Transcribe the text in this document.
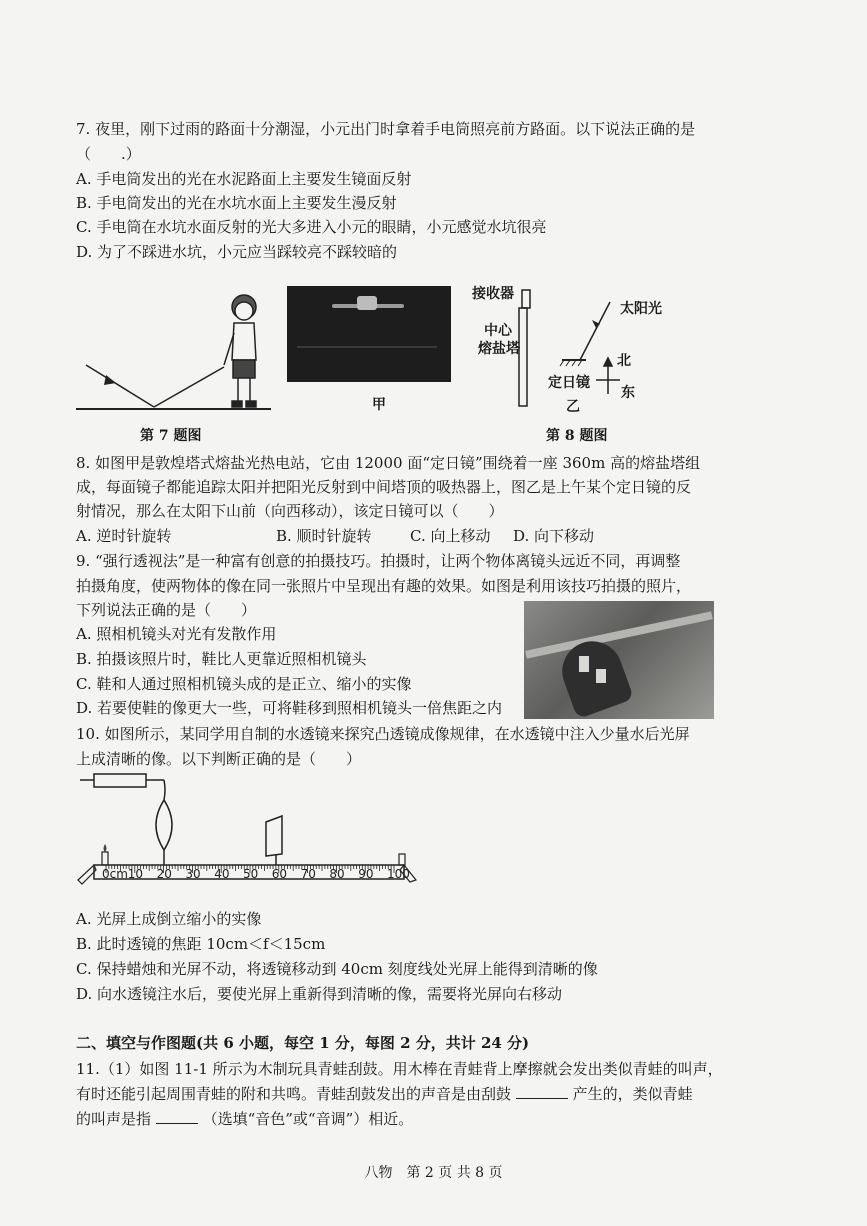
7. 夜里，刚下过雨的路面十分潮湿，小元出门时拿着手电筒照亮前方路面。以下说法正确的是
（　　.）
A. 手电筒发出的光在水泥路面上主要发生镜面反射
B. 手电筒发出的光在水坑水面上主要发生漫反射
C. 手电筒在水坑水面反射的光大多进入小元的眼睛，小元感觉水坑很亮
D. 为了不踩进水坑，小元应当踩较亮不踩较暗的
第 7 题图
甲
接收器
中心
熔盐塔
太阳光
北
定日镜
东
乙
第 8 题图
8. 如图甲是敦煌塔式熔盐光热电站，它由 12000 面“定日镜”围绕着一座 360m 高的熔盐塔组
成，每面镜子都能追踪太阳并把阳光反射到中间塔顶的吸热器上，图乙是上午某个定日镜的反
射情况，那么在太阳下山前（向西移动），该定日镜可以（　　）
A. 逆时针旋转	B. 顺时针旋转	C. 向上移动 D. 向下移动
9. “强行透视法”是一种富有创意的拍摄技巧。拍摄时，让两个物体离镜头远近不同，再调整
拍摄角度，使两物体的像在同一张照片中呈现出有趣的效果。如图是利用该技巧拍摄的照片，
下列说法正确的是（　　）
A. 照相机镜头对光有发散作用
B. 拍摄该照片时，鞋比人更靠近照相机镜头
C. 鞋和人通过照相机镜头成的是正立、缩小的实像
D. 若要使鞋的像更大一些，可将鞋移到照相机镜头一倍焦距之内
10. 如图所示，某同学用自制的水透镜来探究凸透镜成像规律，在水透镜中注入少量水后光屏
上成清晰的像。以下判断正确的是（　　）
0cm 10 20 30 40 50 60 70 80 90 100
A. 光屏上成倒立缩小的实像
B. 此时透镜的焦距 10cm＜f＜15cm
C. 保持蜡烛和光屏不动，将透镜移动到 40cm 刻度线处光屏上能得到清晰的像
D. 向水透镜注水后，要使光屏上重新得到清晰的像，需要将光屏向右移动
二、填空与作图题(共 6 小题，每空 1 分，每图 2 分，共计 24 分)
11.（1）如图 11-1 所示为木制玩具青蛙刮鼓。用木棒在青蛙背上摩擦就会发出类似青蛙的叫声，
有时还能引起周围青蛙的附和共鸣。青蛙刮鼓发出的声音是由刮鼓	产生的，类似青蛙
的叫声是指	（选填“音色”或“音调”）相近。
八物　第 2 页 共 8 页
